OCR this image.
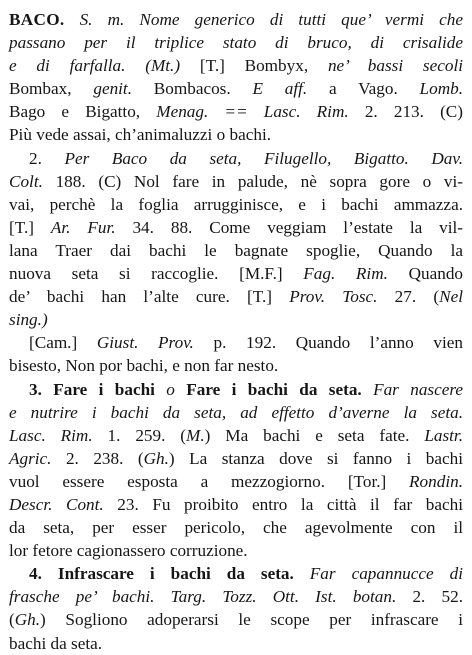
BACO. S. m. Nome generico di tutti que’ vermi che

passano per il triplice stato di bruco, di crisalide

e di farfalla. (Mt.) [T.] Bombyx, ne’ bassi secoli

Bombax, genit. Bombacos. E aff. a Vago. Lomb.

Bago e Bigatto, Menag. == Lasc. Rim. 2. 213. (C)

Più vede assai, ch’animaluzzi o bachi.

2. Per Baco da seta, Filugello, Bigatto. Dav.

Colt. 188. (C) Nol fare in palude, nè sopra gore o vi-

vai, perchè la foglia arrugginisce, e i bachi ammazza.

[T.] Ar. Fur. 34. 88. Come veggiam l’estate la vil-

lana Traer dai bachi le bagnate spoglie, Quando la

nuova seta si raccoglie. [M.F.] Fag. Rim. Quando

de’ bachi han l’alte cure. [T.] Prov. Tosc. 27. (Nel

sing.)

[Cam.] Giust. Prov. p. 192. Quando l’anno vien

bisesto, Non por bachi, e non far nesto.

3. Fare i bachi o Fare i bachi da seta. Far nascere

e nutrire i bachi da seta, ad effetto d’averne la seta.

Lasc. Rim. 1. 259. (M.) Ma bachi e seta fate. Lastr.

Agric. 2. 238. (Gh.) La stanza dove si fanno i bachi

vuol essere esposta a mezzogiorno. [Tor.] Rondin.

Descr. Cont. 23. Fu proibito entro la città il far bachi

da seta, per esser pericolo, che agevolmente con il

lor fetore cagionassero corruzione.

4. Infrascare i bachi da seta. Far capannucce di

frasche pe’ bachi. Targ. Tozz. Ott. Ist. botan. 2. 52.

(Gh.) Sogliono adoperarsi le scope per infrascare i

bachi da seta.
